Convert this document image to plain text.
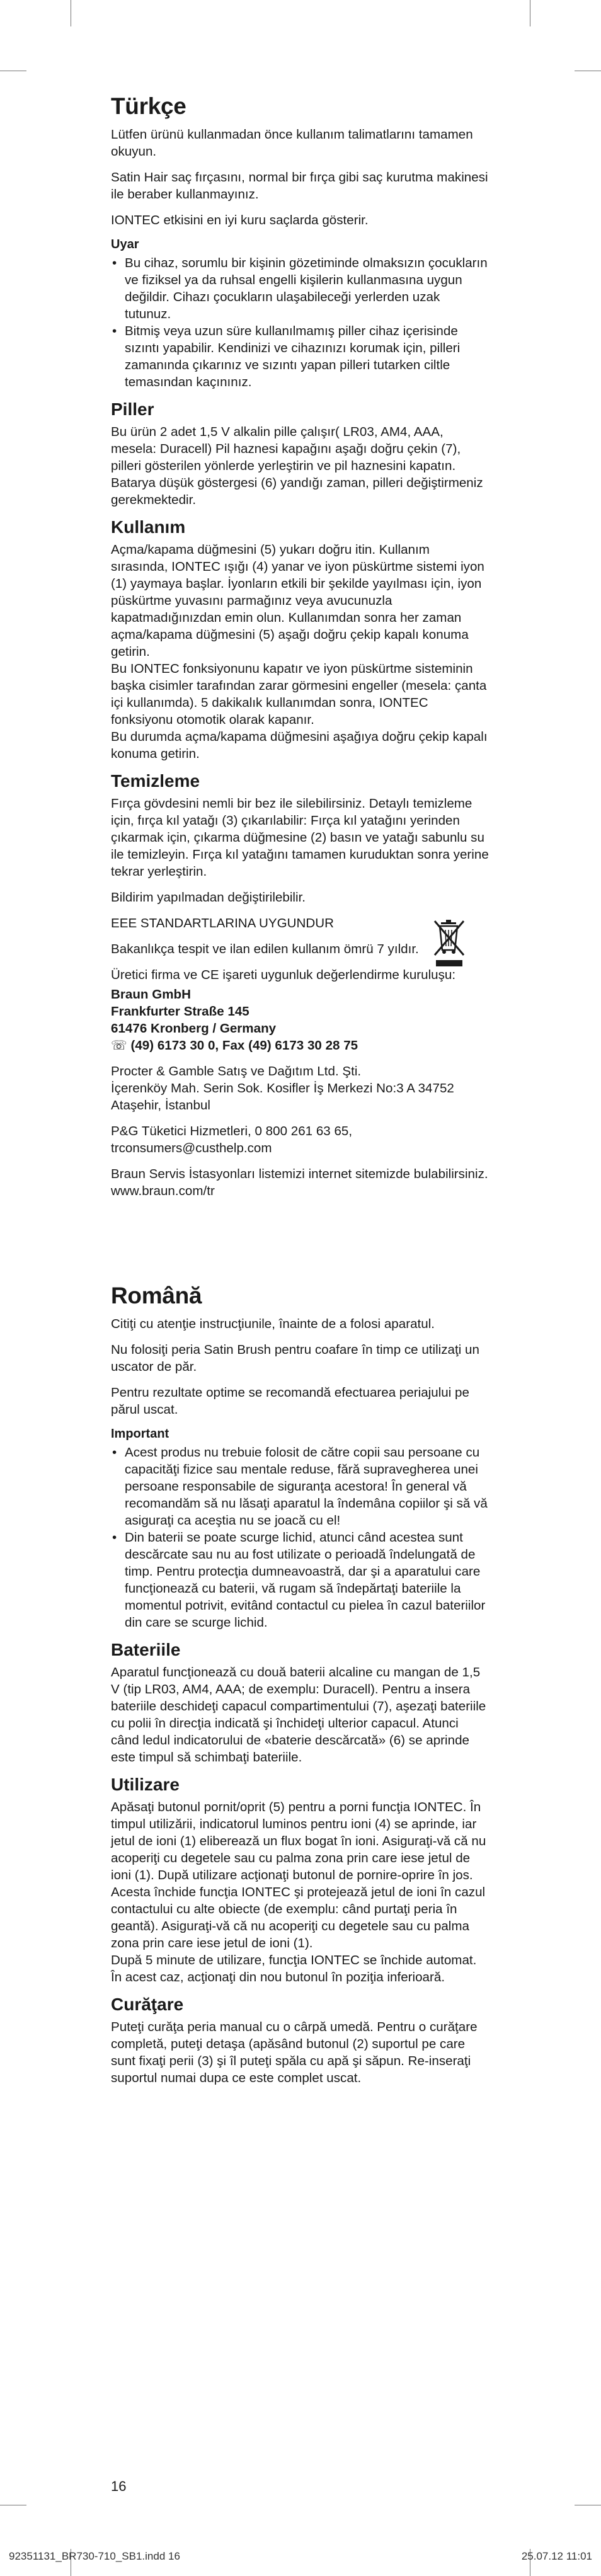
Türkçe

Lütfen ürünü kullanmadan önce kullanım talimatlarını tamamen okuyun.

Satin Hair saç fırçasını, normal bir fırça gibi saç kurutma makinesi ile beraber kullanmayınız.

IONTEC etkisini en iyi kuru saçlarda gösterir.

Uyar
• Bu cihaz, sorumlu bir kişinin gözetiminde olmaksızın çocukların ve fiziksel ya da ruhsal engelli kişilerin kullanmasına uygun değildir. Cihazı çocukların ulaşabileceği yerlerden uzak tutunuz.
• Bitmiş veya uzun süre kullanılmamış piller cihaz içerisinde sızıntı yapabilir. Kendinizi ve cihazınızı korumak için, pilleri zamanında çıkarınız ve sızıntı yapan pilleri tutarken ciltle temasından kaçınınız.
Piller

Bu ürün 2 adet 1,5 V alkalin pille çalışır( LR03, AM4, AAA, mesela: Duracell) Pil haznesi kapağını aşağı doğru çekin (7), pilleri gösterilen yönlerde yerleştirin ve pil haznesini kapatın.
Batarya düşük göstergesi (6) yandığı zaman, pilleri değiştirmeniz gerekmektedir.

Kullanım

Açma/kapama düğmesini (5) yukarı doğru itin. Kullanım sırasında, IONTEC ışığı (4) yanar ve iyon püskürtme sistemi iyon (1) yaymaya başlar. İyonların etkili bir şekilde yayılması için, iyon püskürtme yuvasını parmağınız veya avucunuzla kapatmadığınızdan emin olun. Kullanımdan sonra her zaman açma/kapama düğmesini (5) aşağı doğru çekip kapalı konuma getirin.
Bu IONTEC fonksiyonunu kapatır ve iyon püskürtme sisteminin başka cisimler tarafından zarar görmesini engeller (mesela: çanta içi kullanımda). 5 dakikalık kullanımdan sonra, IONTEC fonksiyonu otomotik olarak kapanır.
Bu durumda açma/kapama düğmesini aşağıya doğru çekip kapalı konuma getirin.

Temizleme

Fırça gövdesini nemli bir bez ile silebilirsiniz. Detaylı temizleme için, fırça kıl yatağı (3) çıkarılabilir: Fırça kıl yatağını yerinden çıkarmak için, çıkarma düğmesine (2) basın ve yatağı sabunlu su ile temizleyin. Fırça kıl yatağını tamamen kuruduktan sonra yerine tekrar yerleştirin.

Bildirim yapılmadan değiştirilebilir.

EEE STANDARTLARINA UYGUNDUR

Bakanlıkça tespit ve ilan edilen kullanım ömrü 7 yıldır.

Üretici firma ve CE işareti uygunluk değerlendirme kuruluşu:

Braun GmbH
Frankfurter Straße 145
61476 Kronberg / Germany
☏ (49) 6173 30 0, Fax (49) 6173 30 28 75

Procter & Gamble Satış ve Dağıtım Ltd. Şti.
İçerenköy Mah. Serin Sok. Kosifler İş Merkezi No:3 A 34752 Ataşehir, İstanbul

P&G Tüketici Hizmetleri, 0 800 261 63 65, trconsumers@custhelp.com

Braun Servis İstasyonları listemizi internet sitemizde bulabilirsiniz. www.braun.com/tr

Română

Citiţi cu atenţie instrucţiunile, înainte de a folosi aparatul.

Nu folosiţi peria Satin Brush pentru coafare în timp ce utilizaţi un uscator de păr.

Pentru rezultate optime se recomandă efectuarea periajului pe părul uscat.

Important
• Acest produs nu trebuie folosit de către copii sau persoane cu capacităţi fizice sau mentale reduse, fără supravegherea unei persoane responsabile de siguranţa acestora! În general vă recomandăm să nu lăsaţi aparatul la îndemâna copiilor şi să vă asiguraţi ca aceştia nu se joacă cu el!
• Din baterii se poate scurge lichid, atunci când acestea sunt descărcate sau nu au fost utilizate o perioadă îndelungată de timp. Pentru protecţia dumneavoastră, dar şi a aparatului care funcţionează cu baterii, vă rugam să îndepărtaţi bateriile la momentul potrivit, evitând contactul cu pielea în cazul bateriilor din care se scurge lichid.
Bateriile

Aparatul funcţionează cu două baterii alcaline cu mangan de 1,5 V (tip LR03, AM4, AAA; de exemplu: Duracell). Pentru a insera bateriile deschideţi capacul compartimentului (7), aşezaţi bateriile cu polii în direcţia indicată şi închideţi ulterior capacul. Atunci când ledul indicatorului de «baterie descărcată» (6) se aprinde este timpul să schimbaţi bateriile.

Utilizare

Apăsaţi butonul pornit/oprit (5) pentru a porni funcţia IONTEC. În timpul utilizării, indicatorul luminos pentru ioni (4) se aprinde, iar jetul de ioni (1) eliberează un flux bogat în ioni. Asiguraţi-vă că nu acoperiţi cu degetele sau cu palma zona prin care iese jetul de ioni (1). După utilizare acţionaţi butonul de pornire-oprire în jos. Acesta închide funcţia IONTEC şi protejează jetul de ioni în cazul contactului cu alte obiecte (de exemplu: când purtaţi peria în geantă). Asiguraţi-vă că nu acoperiţi cu degetele sau cu palma zona prin care iese jetul de ioni (1).
După 5 minute de utilizare, funcţia IONTEC se închide automat. În acest caz, acţionaţi din nou butonul în poziţia inferioară.

Curăţare

Puteţi curăţa peria manual cu o cârpă umedă. Pentru o curăţare completă, puteţi detaşa (apăsând butonul (2) suportul pe care sunt fixaţi perii (3) şi îl puteţi spăla cu apă şi săpun. Re-inseraţi suportul numai dupa ce este complet uscat.

16
92351131_BR730-710_SB1.indd 16	25.07.12 11:01
